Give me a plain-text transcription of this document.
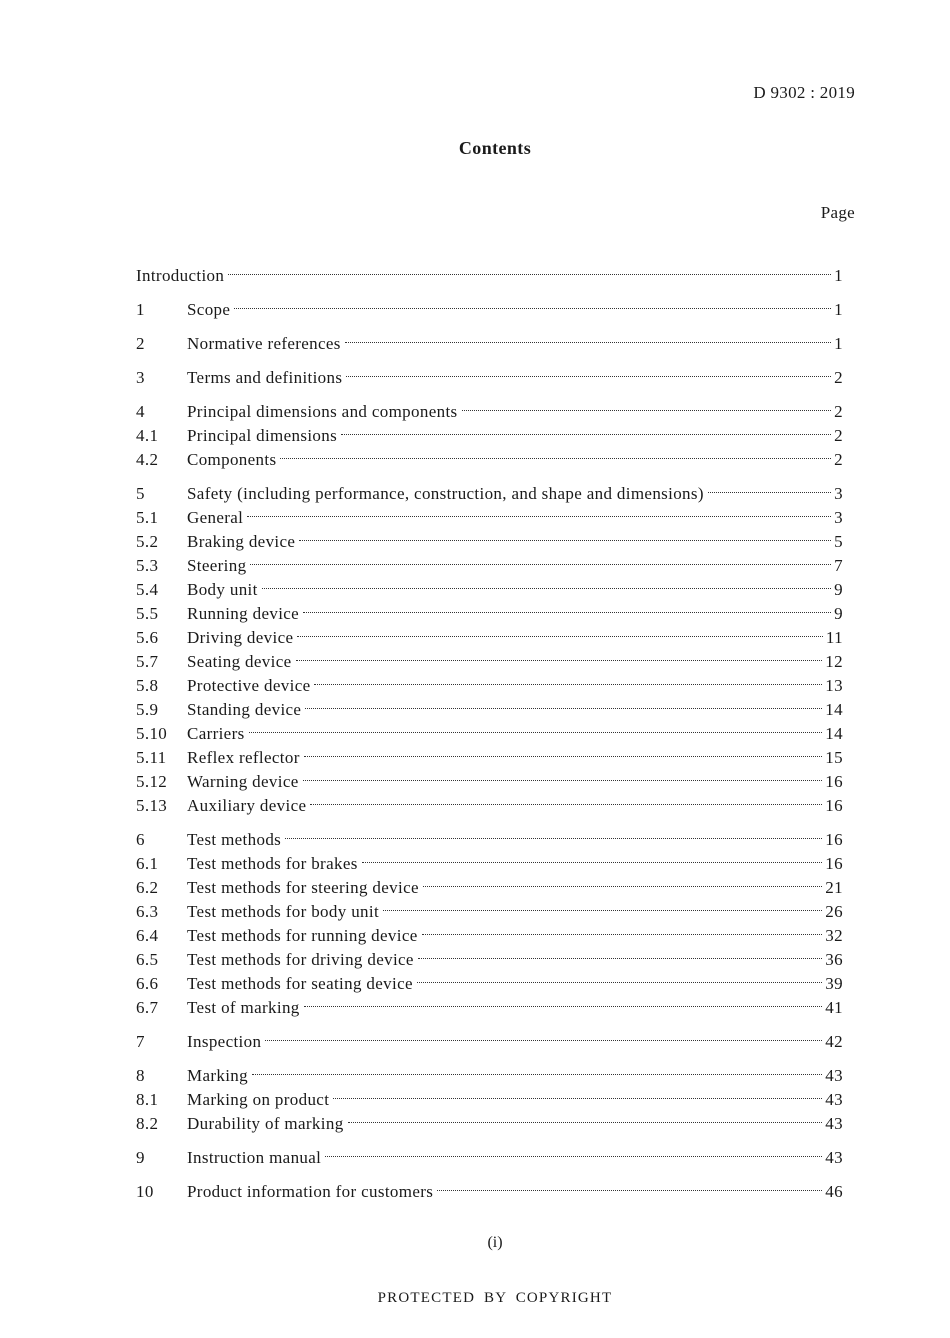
D 9302 : 2019
Contents
Page
Introduction	1
1	Scope	1
2	Normative references	1
3	Terms and definitions	2
4	Principal dimensions and components	2
4.1	Principal dimensions	2
4.2	Components	2
5	Safety (including performance, construction, and shape and dimensions)	3
5.1	General	3
5.2	Braking device	5
5.3	Steering	7
5.4	Body unit	9
5.5	Running device	9
5.6	Driving device	11
5.7	Seating device	12
5.8	Protective device	13
5.9	Standing device	14
5.10	Carriers	14
5.11	Reflex reflector	15
5.12	Warning device	16
5.13	Auxiliary device	16
6	Test methods	16
6.1	Test methods for brakes	16
6.2	Test methods for steering device	21
6.3	Test methods for body unit	26
6.4	Test methods for running device	32
6.5	Test methods for driving device	36
6.6	Test methods for seating device	39
6.7	Test of marking	41
7	Inspection	42
8	Marking	43
8.1	Marking on product	43
8.2	Durability of marking	43
9	Instruction manual	43
10	Product information for customers	46
(i)
PROTECTED BY COPYRIGHT
